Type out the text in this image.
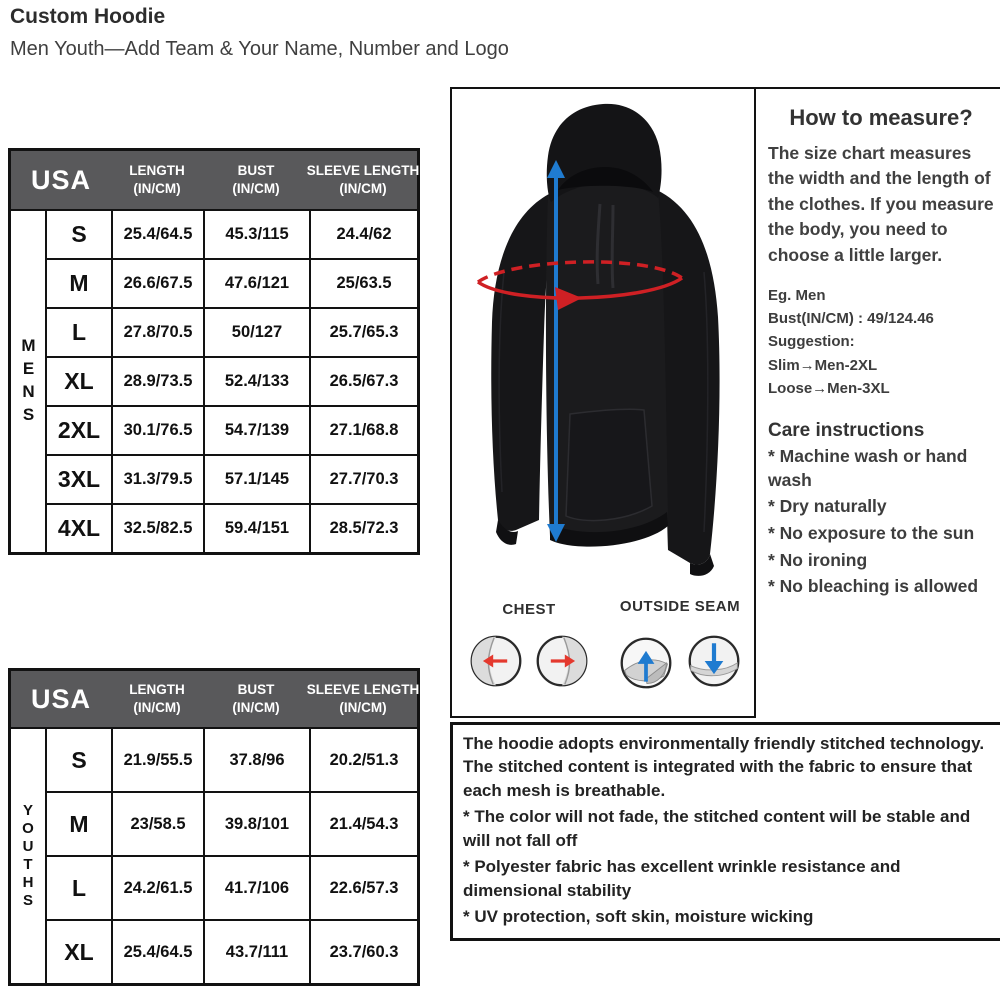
Custom Hoodie
Men Youth—Add Team & Your Name, Number and Logo
USA	LENGTH
(IN/CM)
BUST
(IN/CM)
SLEEVE LENGTH
(IN/CM)
MENS
S	25.4/64.5	45.3/115	24.4/62
M	26.6/67.5	47.6/121	25/63.5
L	27.8/70.5	50/127	25.7/65.3
XL	28.9/73.5	52.4/133	26.5/67.3
2XL	30.1/76.5	54.7/139	27.1/68.8
3XL	31.3/79.5	57.1/145	27.7/70.3
4XL	32.5/82.5	59.4/151	28.5/72.3
USA	LENGTH
(IN/CM)
BUST
(IN/CM)
SLEEVE LENGTH
(IN/CM)
YOUTHS
S	21.9/55.5	37.8/96	20.2/51.3
M	23/58.5	39.8/101	21.4/54.3
L	24.2/61.5	41.7/106	22.6/57.3
XL	25.4/64.5	43.7/111	23.7/60.3
CHEST	OUTSIDE SEAM
How to measure?

The size chart measures the width and the length of the clothes. If you measure the body, you need to choose a little larger.

Eg. Men
Bust(IN/CM) : 49/124.46
Suggestion:
Slim→Men-2XL
Loose→Men-3XL
Care instructions
* Machine wash or hand wash
* Dry naturally
* No exposure to the sun
* No ironing
* No bleaching is allowed

The hoodie adopts environmentally friendly stitched technology. The stitched content is integrated with the fabric to ensure that each mesh is breathable.

* The color will not fade, the stitched content will be stable and will not fall off

* Polyester fabric has excellent wrinkle resistance and dimensional stability

* UV protection, soft skin, moisture wicking
